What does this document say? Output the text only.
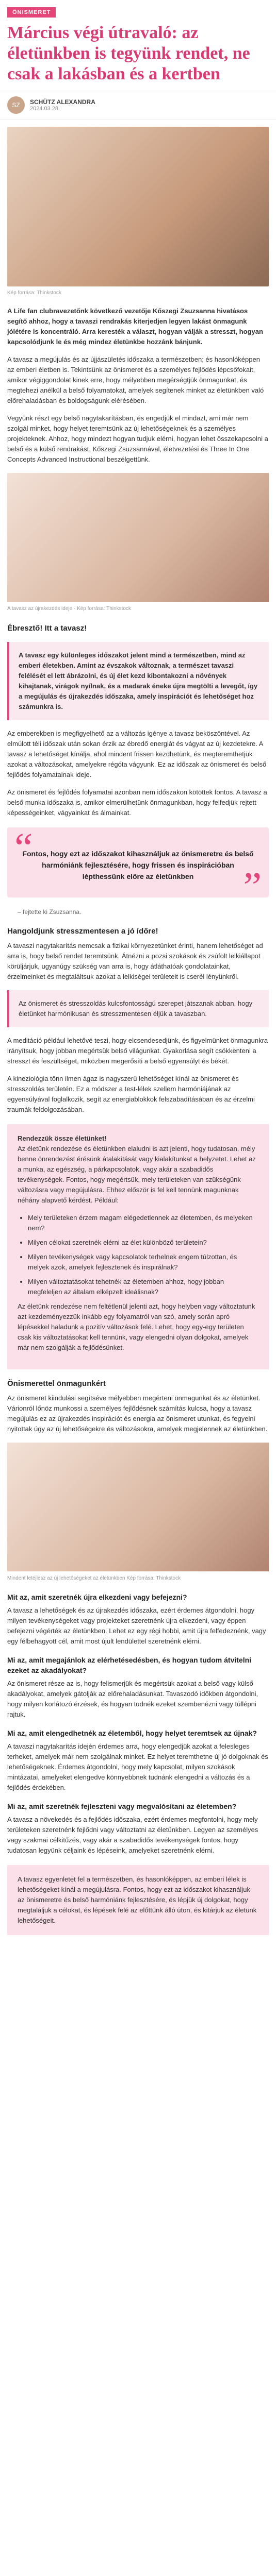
ÖNISMERET
Március végi útravaló: az életünkben is tegyünk rendet, ne csak a lakásban és a kertben
SZ	SCHÜTZ ALEXANDRA
2024.03.28.
Kép forrása: Thinkstock

A Life fan clubravezetőnk következő vezetője Kőszegi Zsuzsanna hivatásos segítő ahhoz, hogy a tavaszi rendrakás kiterjedjen legyen lakást önmagunk jólétére is koncentráló. Arra keresték a választ, hogyan válják a stresszt, hogyan kapcsolódjunk le és még mindez életünkbe hozzánk bánjunk.

A tavasz a megújulás és az újjászületés időszaka a természetben; és hasonlóképpen az emberi életben is. Tekintsünk az önismeret és a személyes fejlődés lépcsőfokait, amikor végiggondolat kinek erre, hogy mélyebben megérségtjük önmagunkat, és megtehezi anélkül a belső folyamatokat, amelyek segítenek minket az életünkben való előrehaladásban és boldogságunk elérésében.

Vegyünk részt egy belső nagytakarításban, és engedjük el mindazt, ami már nem szolgál minket, hogy helyet teremtsünk az új lehetőségeknek és a személyes projekteknek. Ahhoz, hogy mindezt hogyan tudjuk elérni, hogyan lehet összekapcsolni a belső és a külső rendrakást, Kőszegi Zsuzsannával, életvezetési és Three In One Concepts Advanced Instructional beszélgettünk.

A tavasz az újrakezdés ideje · Kép forrása: Thinkstock
Ébresztő! Itt a tavasz!
A tavasz egy különleges időszakot jelent mind a természetben, mind az emberi életekben. Amint az évszakok változnak, a természet tavaszi felélését el lett ábrázolni, és új élet kezd kibontakozni a növények kihajtanak, virágok nyílnak, és a madarak éneke újra megtölti a levegőt, így a megújulás és újrakezdés időszaka, amely inspirációt és lehetőséget hoz számunkra is.

Az emberekben is megfigyelhető az a változás igénye a tavasz beköszöntével. Az elmúlott téli időszak után sokan érzik az ébredő energiát és vágyat az új kezdetekre. A tavasz a lehetőséget kínálja, ahol mindent frissen kezdhetünk, és megteremthetjük azokat a változásokat, amelyekre régóta vágyunk. Ez az időszak az önismeret és belső fejlődés folyamatainak ideje.

Az önismeret és fejlődés folyamatai azonban nem időszakon kötöttek fontos. A tavasz a belső munka időszaka is, amikor elmerülhetünk önmagunkban, hogy felfedjük rejtett képességeinket, vágyainkat és álmainkat.

“
Fontos, hogy ezt az időszakot kihasználjuk az önismeretre és belső harmóniánk fejlesztésére, hogy frissen és inspirációban lépthessünk előre az életünkben	”
– fejtette ki Zsuzsanna.
Hangoldjunk stresszmentesen a jó ídőre!

A tavaszi nagytakarítás nemcsak a fizikai környezetünket érinti, hanem lehetőséget ad arra is, hogy belső rendet teremtsünk. Átnézni a pozsi szokások és zsúfolt lelkiállapot körüljárjuk, ugyanúgy szükség van arra is, hogy átláthatóak gondolatainkat, érzelmeinket és megtaláltsuk azokat a lelkiségei területeit is cserél lényünkről.

Az önismeret és stresszoldás kulcsfontosságú szerepet játszanak abban, hogy életünket harmónikusan és stresszmentesen éljük a tavaszban.

A meditáció például lehetővé teszi, hogy elcsendesedjünk, és figyelmünket önmagunkra irányítsuk, hogy jobban megértsük belső világunkat. Gyakorlása segít csökkenteni a stresszt és feszültséget, miközben megerősíti a belső egyensúlyt és békét.

A kineziológia tőnn ilmen ágaz is nagyszerű lehetőséget kínál az önismeret és stresszoldás területén. Ez a módszer a test-lélek szellem harmóniájának az egyensúlyával foglalkozik, segít az energiablokkok felszabadításában és az érzelmi traumák feldolgozásában.

Rendezzük össze életünket!

Az életünk rendezése és életünkben elaludni is azt jelenti, hogy tudatosan, mély benne önrendezést érésünk átalakítását vagy kialakítunkat a helyzetet. Lehet az a munka, az egészség, a párkapcsolatok, vagy akár a szabadidős tevékenységek. Fontos, hogy megértsük, mely területeken van szükségünk változásra vagy megújulásra. Ehhez először is fel kell tennünk magunknak néhány alapvető kérdést. Például:

• Mely területeken érzem magam elégedetlennek az életemben, és melyeken nem?
• Milyen célokat szeretnék elérni az élet különböző területein?
• Milyen tevékenységek vagy kapcsolatok terhelnek engem túlzottan, és melyek azok, amelyek fejlesztenek és inspirálnak?
• Milyen változtatásokat tehetnék az életemben ahhoz, hogy jobban megfeleljen az általam elképzelt ideálisnak?

Az életünk rendezése nem feltétlenül jelenti azt, hogy helyben vagy változtatunk azt kezdeményezzük inkább egy folyamatról van szó, amely során apró lépésekkel haladunk a pozitív változások felé. Lehet, hogy egy-egy területen csak kis változtatásokat kell tennünk, vagy elengedni olyan dolgokat, amelyek már nem szolgálják a fejlődésünket.

Önismerettel önmagunkért

Az önismeret kiindulási segítséve mélyebben megérteni önmagunkat és az életünket. Várionról lőnöz munkossi a személyes fejlődésnek számítás kulcsa, hogy a tavasz megújulás ez az újrakezdés inspirációt és energia az önismeret utunkat, és fegyelni nyitottak úgy az új lehetőségekre és változásokra, amelyek megjelennek az életünkben.

Mindent letéjlesz az új lehetőségeket az életünkben Kép forrása: Thinkstock
Mit az, amit szeretnék újra elkezdeni vagy befejezni?

A tavasz a lehetőségek és az újrakezdés időszaka, ezért érdemes átgondolni, hogy milyen tevékenységeket vagy projekteket szeretnénk újra elkezdeni, vagy éppen befejezni végérték az életünkben. Lehet ez egy régi hobbi, amit újra felfedeznénk, vagy egy félbehagyott cél, amit most újult lendülettel szeretnénk elérni.

Mi az, amit megajánlok az elérhetésedésben, és hogyan tudom átvitelni ezeket az akadályokat?

Az önismeret része az is, hogy felismerjük és megértsük azokat a belső vagy külső akadályokat, amelyek gátolják az előrehaladásunkat. Tavaszodó időkben átgondolni, hogy milyen korlátozó érzések, és hogyan tudnék ezeket szembenézni vagy túllépni rajtuk.

Mi az, amit elengedhetnék az életemből, hogy helyet teremtsek az újnak?

A tavaszi nagytakarítás idején érdemes arra, hogy elengedjük azokat a felesleges terheket, amelyek már nem szolgálnak minket. Ez helyet teremthetne új jó dolgoknak és lehetőségeknek. Érdemes átgondolni, hogy mely kapcsolat, milyen szokások mintázatai, amelyeket elengedve könnyebbnek tudnánk elengedni a változás és a fejlődés érdekében.

Mi az, amit szeretnék fejleszteni vagy megvalósítani az életemben?

A tavasz a növekedés és a fejlődés időszaka, ezért érdemes megfontolni, hogy mely területeken szeretnénk fejlődni vagy változtatni az életünkben. Legyen az személyes vagy szakmai célkitűzés, vagy akár a szabadidős tevékenységek fontos, hogy tudatosan legyünk céljaink és lépéseink, amelyeket szeretnénk elérni.

A tavasz egyenletet fel a természetben, és hasonlóképpen, az emberi lélek is lehetőségeket kínál a megújulásra. Fontos, hogy ezt az időszakot kihasználjuk az önismeretre és belső harmóniánk fejlesztésére, és lépjük új dolgokat, hogy megtaláljuk a célokat, és lépések felé az előttünk álló úton, és kitárjuk az életünk lehetőségeit.
